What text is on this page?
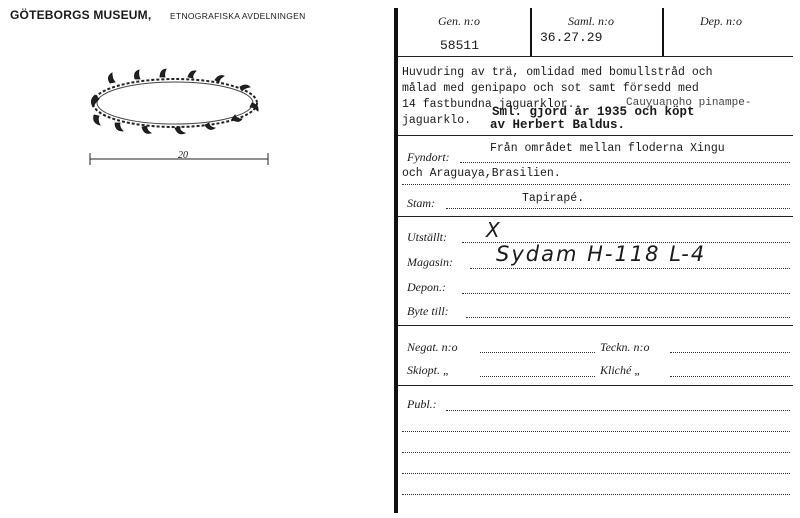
GÖTEBORGS MUSEUM, ETNOGRAFISKA AVDELNINGEN
20
Gen. n:o
58511
Saml. n:o
36.27.29
Dep. n:o
Huvudring av trä, omlidad med bomullstråd och
målad med genipapo och sot samt försedd med
14 fastbundna jaguarklor.
jaguarklo.
Cauyuanoho pinampe-
Sml. gjord år 1935 och köpt
av Herbert Baldus.
Fyndort:
Från området mellan floderna Xingu
och Araguaya,Brasilien.
Stam:	Tapirapé.
Utställt: X
Magasin: Sydam H-118 L-4
Depon.:
Byte till:
Negat. n:o	Teckn. n:o
Skiopt. „	Kliché „
Publ.:
